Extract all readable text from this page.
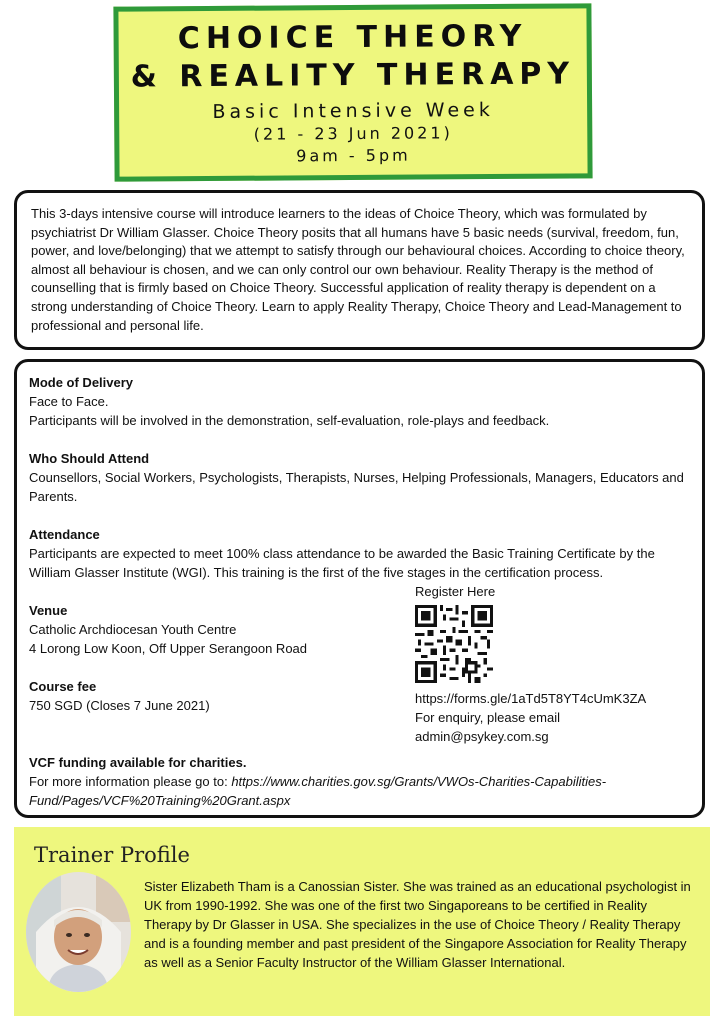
CHOICE THEORY
& REALITY THERAPY
Basic Intensive Week
(21 - 23 Jun 2021)
9am - 5pm
This 3-days intensive course will introduce learners to the ideas of Choice Theory, which was formulated by psychiatrist Dr William Glasser. Choice Theory posits that all humans have 5 basic needs (survival, freedom, fun, power, and love/belonging) that we attempt to satisfy through our behavioural choices. According to choice theory, almost all behaviour is chosen, and we can only control our own behaviour. Reality Therapy is the method of counselling that is firmly based on Choice Theory. Successful application of reality therapy is dependent on a strong understanding of Choice Theory. Learn to apply Reality Therapy, Choice Theory and Lead-Management to professional and personal life.
Mode of Delivery
Face to Face.
Participants will be involved in the demonstration, self-evaluation, role-plays and feedback.
Who Should Attend
Counsellors, Social Workers, Psychologists, Therapists, Nurses, Helping Professionals, Managers, Educators and Parents.
Attendance
Participants are expected to meet 100% class attendance to be awarded the Basic Training Certificate by the William Glasser Institute (WGI). This training is the first of the five stages in the certification process.
Venue
Catholic Archdiocesan Youth Centre
4 Lorong Low Koon, Off Upper Serangoon Road
Course fee
750 SGD (Closes 7 June 2021)
Register Here
https://forms.gle/1aTd5T8YT4cUmK3ZA
For enquiry, please email
admin@psykey.com.sg
VCF funding available for charities.
For more information please go to: https://www.charities.gov.sg/Grants/VWOs-Charities-Capabilities-Fund/Pages/VCF%20Training%20Grant.aspx
Trainer Profile
Sister Elizabeth Tham is a Canossian Sister. She was trained as an educational psychologist in UK from 1990-1992. She was one of the first two Singaporeans to be certified in Reality Therapy by Dr Glasser in USA. She specializes in the use of Choice Theory / Reality Therapy and is a founding member and past president of the Singapore Association for Reality Therapy as well as a Senior Faculty Instructor of the William Glasser International.
